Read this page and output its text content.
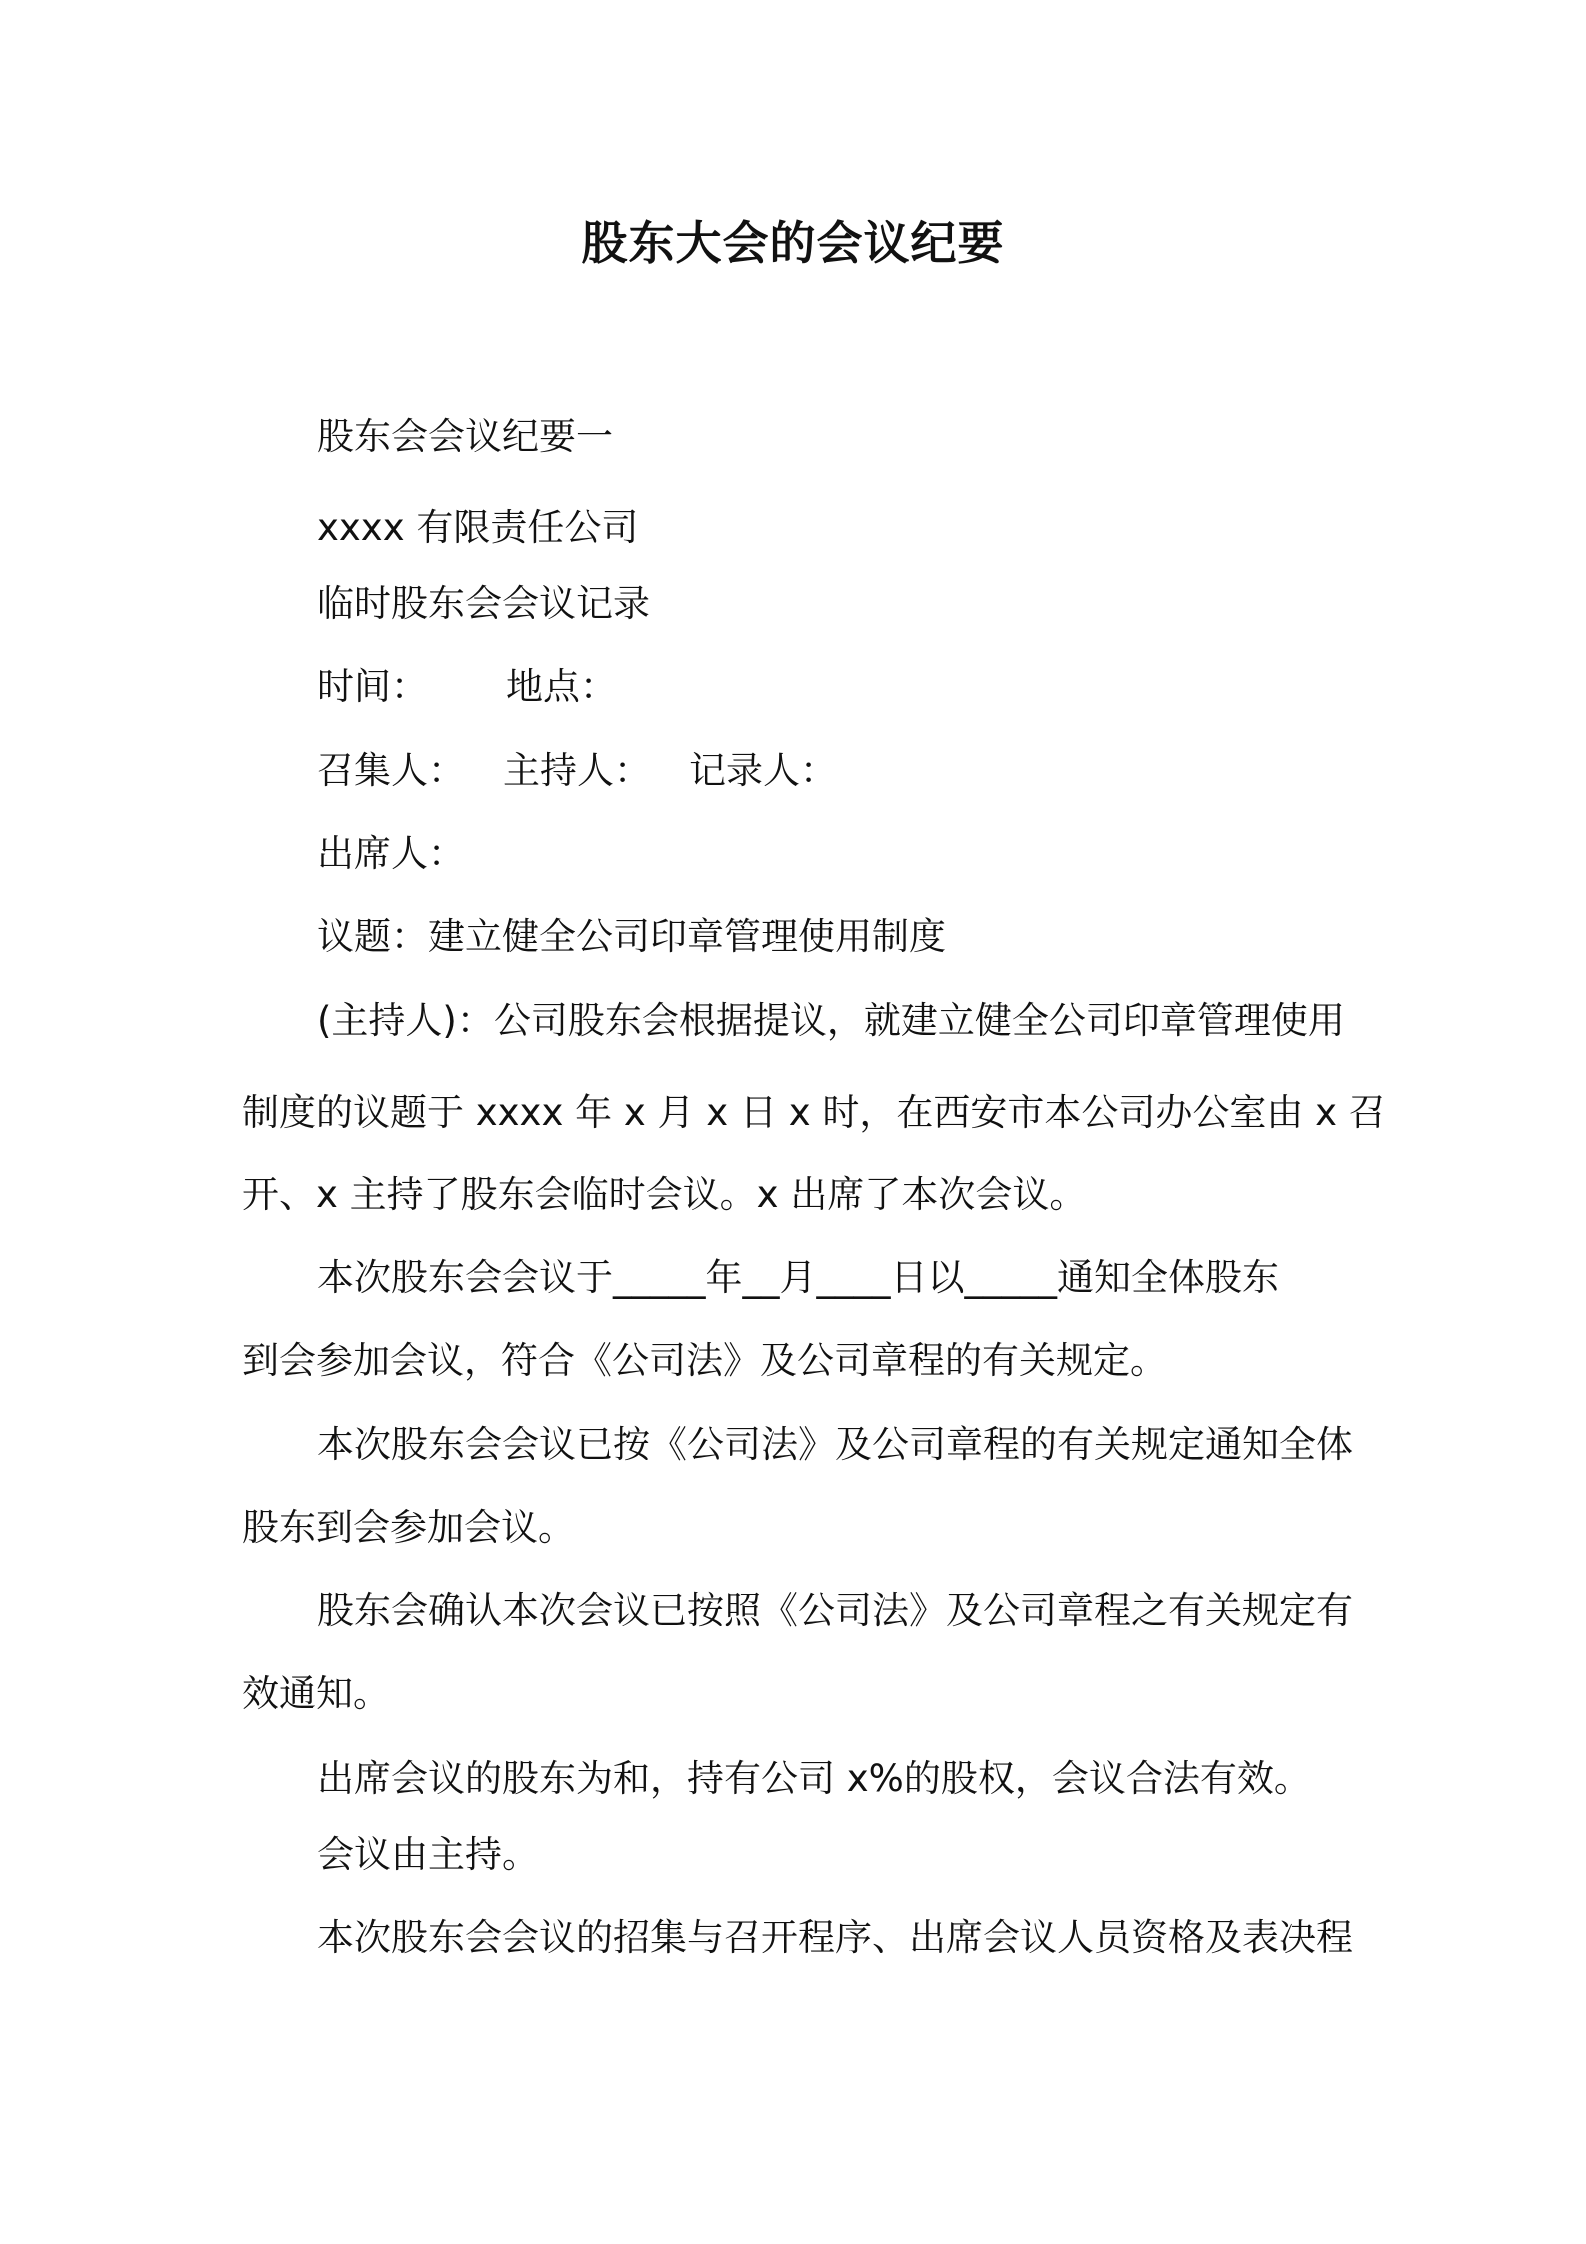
股东大会的会议纪要
股东会会议纪要一
xxxx 有限责任公司
临时股东会会议记录
时间： 地点：
召集人： 主持人： 记录人：
出席人：
议题：建立健全公司印章管理使用制度
(主持人)：公司股东会根据提议，就建立健全公司印章管理使用
制度的议题于 xxxx 年 x 月 x 日 x 时，在西安市本公司办公室由 x 召
开、x 主持了股东会临时会议。x 出席了本次会议。
本次股东会会议于_____年__月____日以_____通知全体股东
到会参加会议，符合《公司法》及公司章程的有关规定。
本次股东会会议已按《公司法》及公司章程的有关规定通知全体
股东到会参加会议。
股东会确认本次会议已按照《公司法》及公司章程之有关规定有
效通知。
出席会议的股东为和，持有公司 x%的股权，会议合法有效。
会议由主持。
本次股东会会议的招集与召开程序、出席会议人员资格及表决程
